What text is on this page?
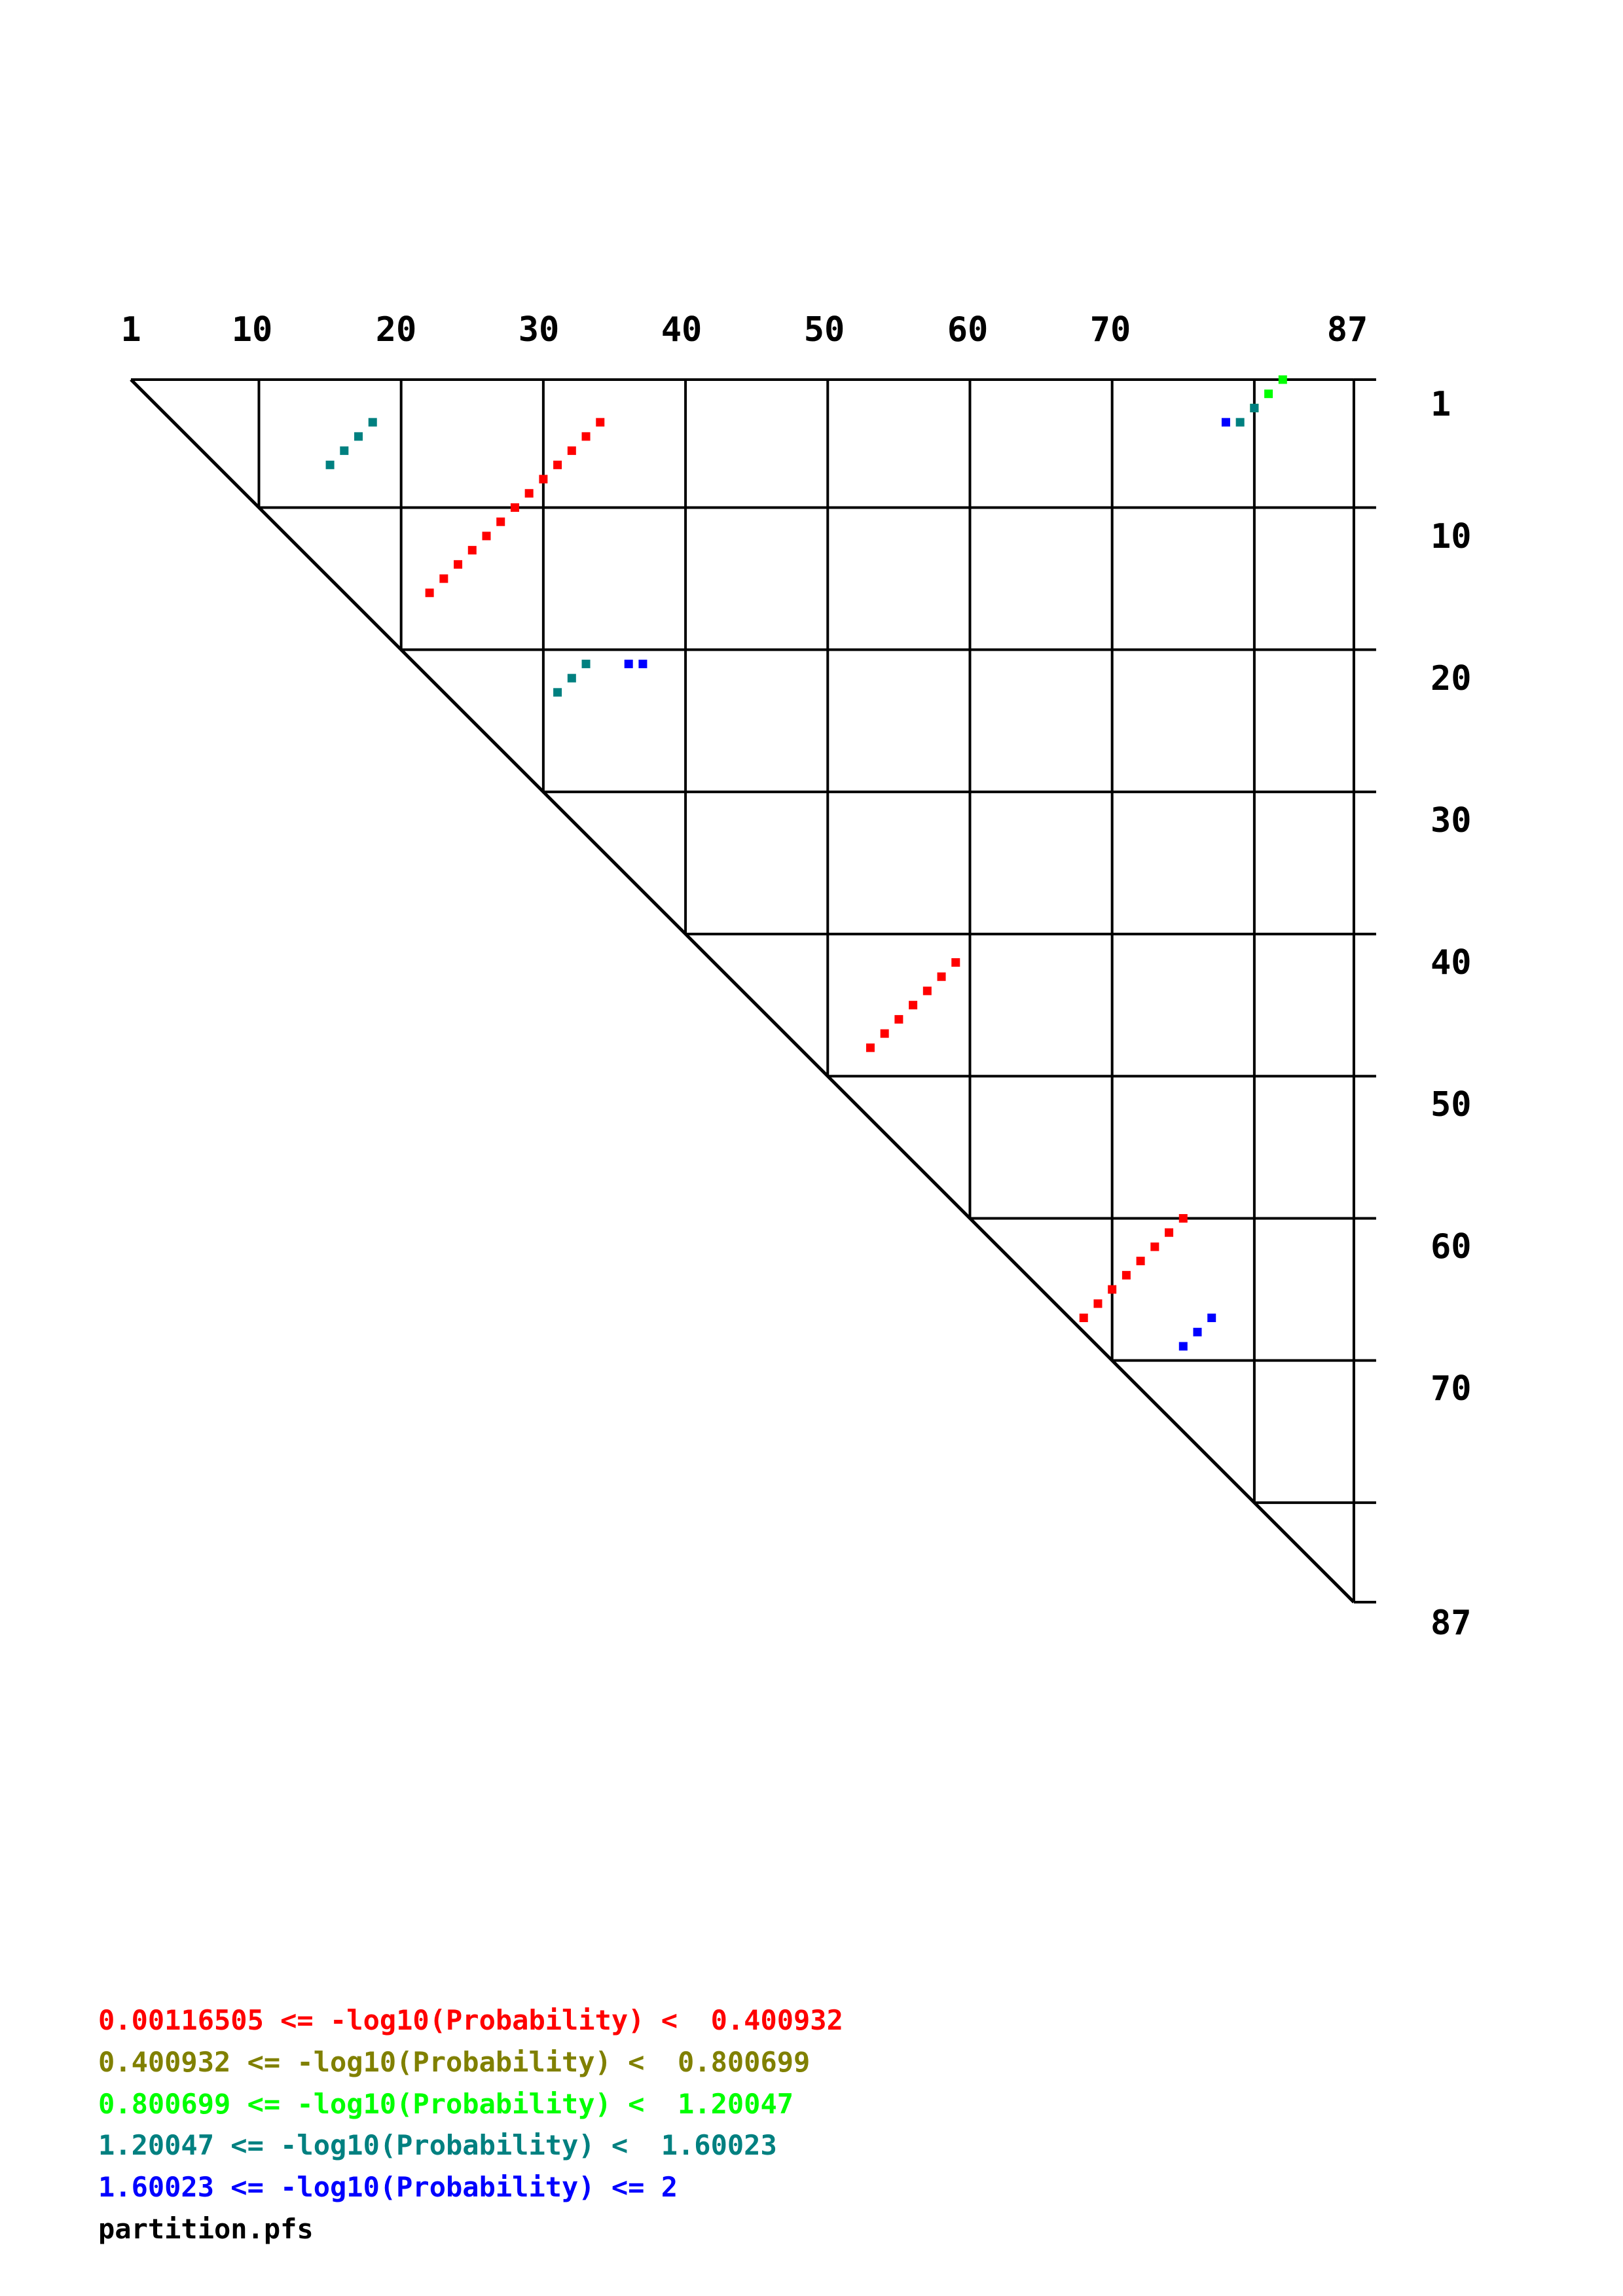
1	10	20	30	40	50	60	70	87
1
10
20
30
40
50
60
70
87
0.00116505 <= -log10(Probability) <  0.400932
0.400932 <= -log10(Probability) <  0.800699
0.800699 <= -log10(Probability) <  1.20047
1.20047 <= -log10(Probability) <  1.60023
1.60023 <= -log10(Probability) <= 2
partition.pfs
